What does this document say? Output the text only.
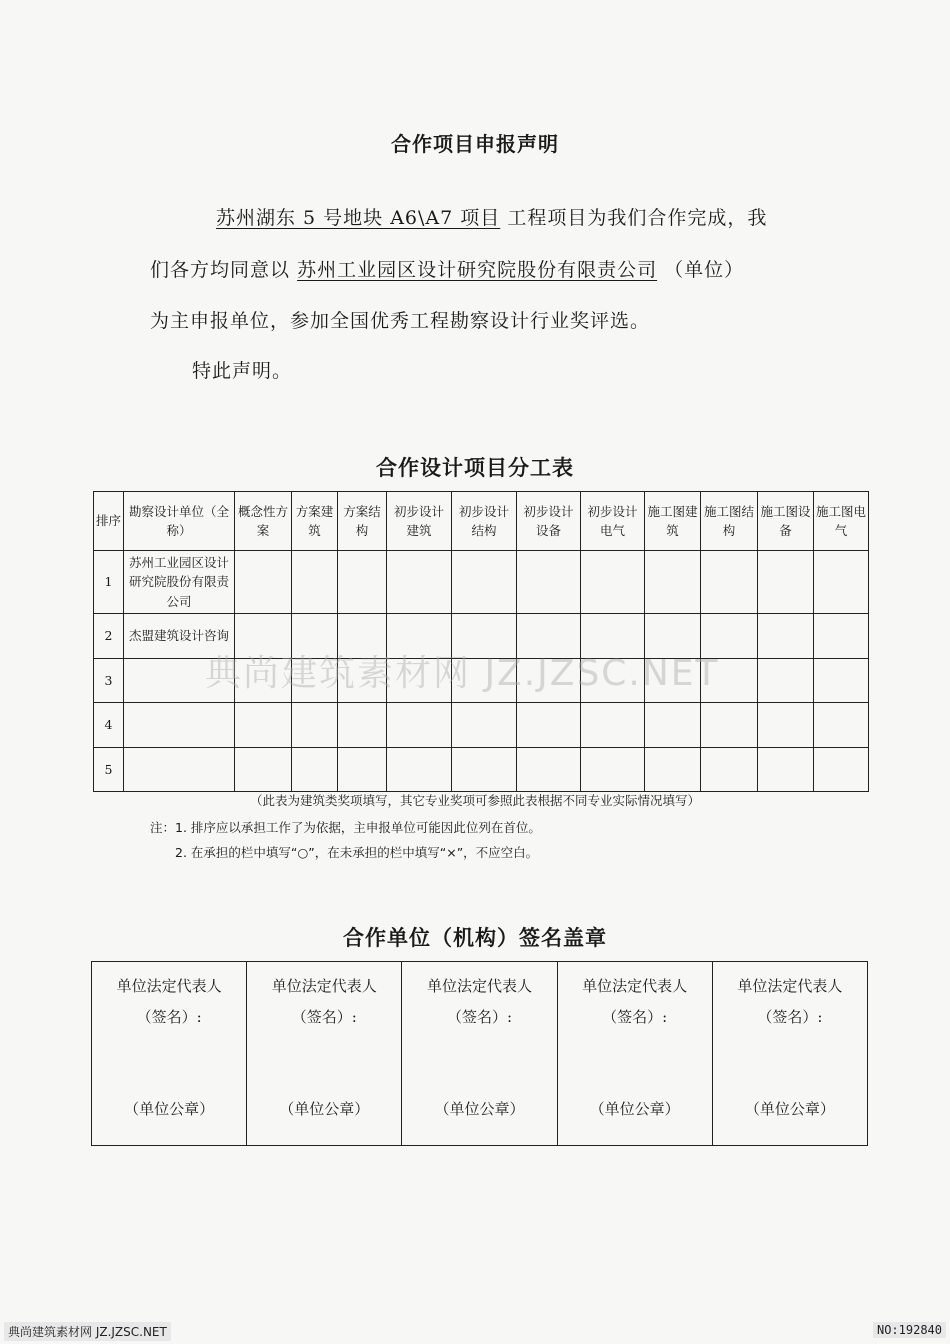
合作项目申报声明
苏州湖东 5 号地块 A6\A7 项目 工程项目为我们合作完成，我
们各方均同意以 苏州工业园区设计研究院股份有限责公司 （单位）
为主申报单位，参加全国优秀工程勘察设计行业奖评选。
特此声明。
合作设计项目分工表
排序	勘察设计单位（全称）	概念性方案	方案建筑	方案结构	初步设计建筑	初步设计结构	初步设计设备	初步设计电气	施工图建筑	施工图结构	施工图设备	施工图电气
1	苏州工业园区设计研究院股份有限责公司											
2	杰盟建筑设计咨询											
3												
4												
5												
典尚建筑素材网 JZ.JZSC.NET
（此表为建筑类奖项填写，其它专业奖项可参照此表根据不同专业实际情况填写）
注：1. 排序应以承担工作了为依据，主申报单位可能因此位列在首位。
2. 在承担的栏中填写“○”，在未承担的栏中填写“×”，不应空白。
合作单位（机构）签名盖章
单位法定代表人
（签名）:
（单位公章）

单位法定代表人
（签名）:
（单位公章）

单位法定代表人
（签名）:
（单位公章）

单位法定代表人
（签名）:
（单位公章）

单位法定代表人
（签名）:
（单位公章）
典尚建筑素材网 JZ.JZSC.NET	NO:192840
